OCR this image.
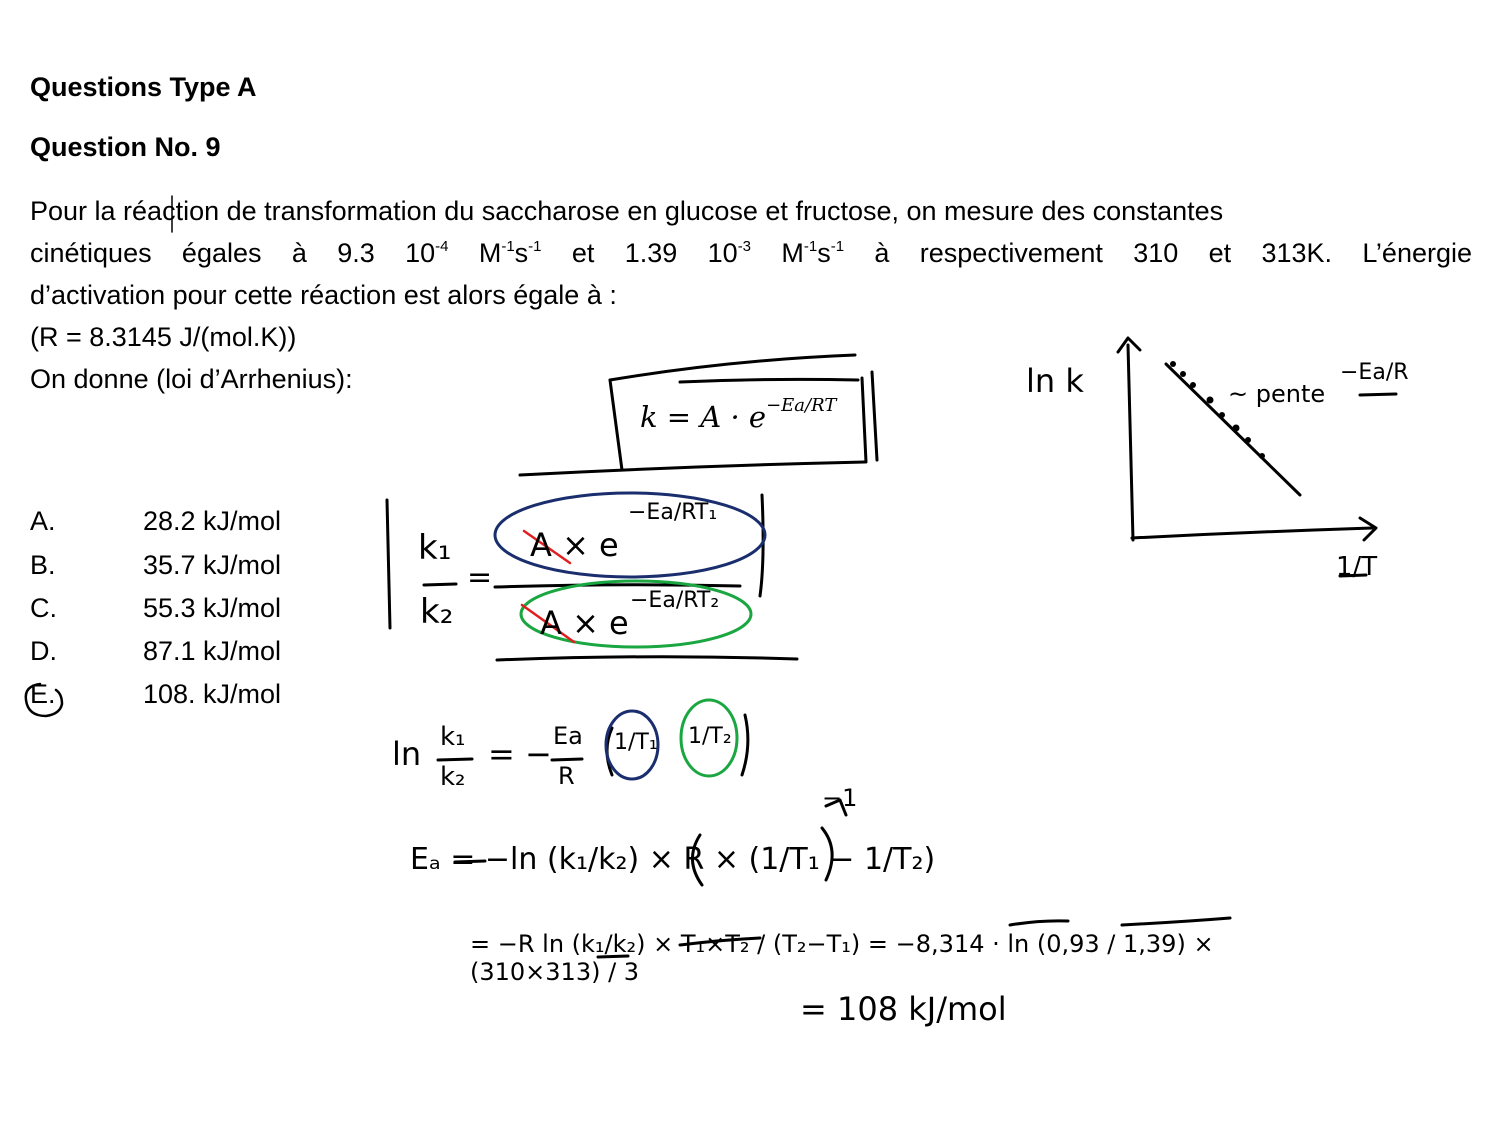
Questions Type A
Question No. 9
Pour la réaction de transformation du saccharose en glucose et fructose, on mesure des constantes
cinétiques égales à 9.3 $10^{-4}$ $M^{-1}s^{-1}$ et 1.39 $10^{-3}$ $M^{-1}s^{-1}$ à respectivement 310 et 313K. L’énergie
d’activation pour cette réaction est alors égale à :
(R = 8.3145 J/(mol.K))
On donne (loi d’Arrhenius):
$k = A \cdot e^{-Ea/RT}$
A.	28.2 kJ/mol
B.	35.7 kJ/mol
C.	55.3 kJ/mol
D.	87.1 kJ/mol
E.	108. kJ/mol
k₁
k₂
=
A × e
−Ea/RT₁
A × e
−Ea/RT₂
ln k₁
k₂
= − Ea
R
1/T₁ 1/T₂
Eₐ = −ln (k₁/k₂) × R × (1/T₁ − 1/T₂)
−1
= −R ln (k₁/k₂) × T₁×T₂ / (T₂−T₁) = −8,314 · ln (0,93 / 1,39) × (310×313) / 3
= 108 kJ/mol
ln k
1/T
~ pente
−Ea/R
